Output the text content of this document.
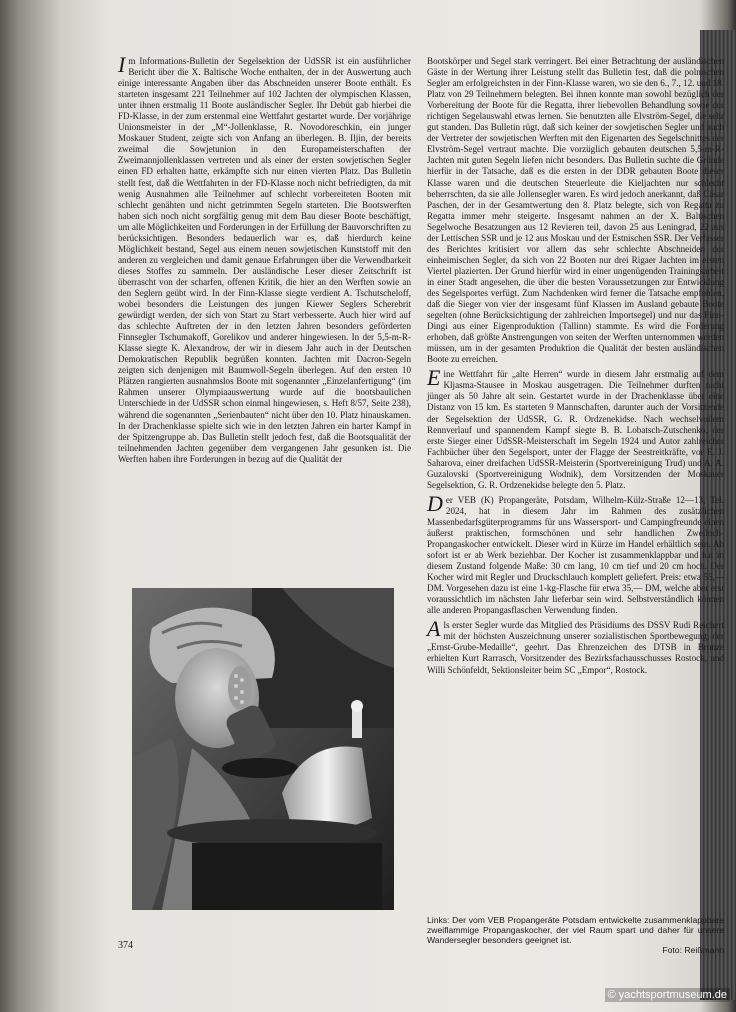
Im Informations-Bulletin der Segelsektion der UdSSR ist ein ausführlicher Bericht über die X. Baltische Woche enthalten, der in der Auswertung auch einige interessante Angaben über das Abschneiden unserer Boote enthält. Es starteten insgesamt 221 Teilnehmer auf 102 Jachten der olympischen Klassen, unter ihnen erstmalig 11 Boote ausländischer Segler. Ihr Debüt gab hierbei die FD-Klasse, in der zum erstenmal eine Wettfahrt gestartet wurde. Der vorjährige Unionsmeister in der „M“-Jollenklasse, R. Novodoreschkin, ein junger Moskauer Student, zeigte sich von Anfang an überlegen. B. Iljin, der bereits zweimal die Sowjetunion in den Europameisterschaften der Zweimannjollenklassen vertreten und als einer der ersten sowjetischen Segler einen FD erhalten hatte, erkämpfte sich nur einen vierten Platz. Das Bulletin stellt fest, daß die Wettfahrten in der FD-Klasse noch nicht befriedigten, da mit wenig Ausnahmen alle Teilnehmer auf schlecht vorbereiteten Booten mit schlecht genähten und nicht getrimmten Segeln starteten. Die Bootswerften haben sich noch nicht sorgfältig genug mit dem Bau dieser Boote beschäftigt, um alle Möglichkeiten und Forderungen in der Erfüllung der Bauvorschriften zu berücksichtigen. Besonders bedauerlich war es, daß hierdurch keine Möglichkeit bestand, Segel aus einem neuen sowjetischen Kunststoff mit den anderen zu vergleichen und damit genaue Erfahrungen über die Verwendbarkeit dieses Stoffes zu sammeln. Der ausländische Leser dieser Zeitschrift ist überrascht von der scharfen, offenen Kritik, die hier an den Werften sowie an den Seglern geübt wird. In der Finn-Klasse siegte verdient A. Tschutscheloff, wobei besonders die Leistungen des jungen Kiewer Seglers Scherebrit gewürdigt werden, der sich von Start zu Start verbesserte. Auch hier wird auf das schlechte Auftreten der in den letzten Jahren besonders geförderten Finnsegler Tschumakoff, Gorelikov und anderer hingewiesen. In der 5,5-m-R-Klasse siegte K. Alexandrow, der wir in diesem Jahr auch in der Deutschen Demokratischen Republik begrüßen konnten. Jachten mit Dacron-Segeln zeigten sich denjenigen mit Baumwoll-Segeln überlegen. Auf den ersten 10 Plätzen rangierten ausnahmslos Boote mit sogenannter „Einzelanfertigung“ (im Rahmen unserer Olympiaauswertung wurde auf die bootsbaulichen Unterschiede in der UdSSR schon einmal hingewiesen, s. Heft 8/57, Seite 238), während die sogenannten „Serienbauten“ nicht über den 10. Platz hinauskamen. In der Drachenklasse spielte sich wie in den letzten Jahren ein harter Kampf in der Spitzengruppe ab. Das Bulletin stellt jedoch fest, daß die Bootsqualität der teilnehmenden Jachten gegenüber dem vergangenen Jahr gesunken ist. Die Werften haben ihre Forderungen in bezug auf die Qualität der

374

Bootskörper und Segel stark verringert. Bei einer Betrachtung der ausländischen Gäste in der Wertung ihrer Leistung stellt das Bulletin fest, daß die polnischen Segler am erfolgreichsten in der Finn-Klasse waren, wo sie den 6., 7., 12. und 18. Platz von 29 Teilnehmern belegten. Bei ihnen konnte man sowohl bezüglich der Vorbereitung der Boote für die Regatta, ihrer liebevollen Behandlung sowie der richtigen Segelauswahl etwas lernen. Sie benutzten alle Elvström-Segel, die sehr gut standen. Das Bulletin rügt, daß sich keiner der sowjetischen Segler und auch der Vertreter der sowjetischen Werften mit den Eigenarten des Segelschnittes der Elvström-Segel vertraut machte. Die vorzüglich gebauten deutschen 5,5-m-R-Jachten mit guten Segeln liefen nicht besonders. Das Bulletin suchte die Gründe hierfür in der Tatsache, daß es die ersten in der DDR gebauten Boote dieser Klasse waren und die deutschen Steuerleute die Kieljachten nur schlecht beherrschten, da sie alle Jollensegler waren. Es wird jedoch anerkannt, daß Cäsar Paschen, der in der Gesamtwertung den 8. Platz belegte, sich von Regatta zu Regatta immer mehr steigerte. Insgesamt nahmen an der X. Baltischen Segelwoche Besatzungen aus 12 Revieren teil, davon 25 aus Leningrad, 22 aus der Lettischen SSR und je 12 aus Moskau und der Estnischen SSR. Der Verfasser des Berichtes kritisiert vor allem das sehr schlechte Abschneiden der einheimischen Segler, da sich von 22 Booten nur drei Rigaer Jachten im ersten Viertel plazierten. Der Grund hierfür wird in einer ungenügenden Trainingsarbeit in einer Stadt angesehen, die über die besten Voraussetzungen zur Entwicklung des Segelsportes verfügt. Zum Nachdenken wird ferner die Tatsache empfohlen, daß die Sieger von vier der insgesamt fünf Klassen im Ausland gebaute Boote segelten (ohne Berücksichtigung der zahlreichen Importsegel) und nur das Finn-Dingi aus einer Eigenproduktion (Tallinn) stammte. Es wird die Forderung erhoben, daß größte Anstrengungen von seiten der Werften unternommen werden müssen, um in der gesamten Produktion die Qualität der besten ausländischen Boote zu erreichen.

Eine Wettfahrt für „alte Herren“ wurde in diesem Jahr erstmalig auf dem Kljasma-Stausee in Moskau ausgetragen. Die Teilnehmer durften nicht jünger als 50 Jahre alt sein. Gestartet wurde in der Drachenklasse über eine Distanz von 15 km. Es starteten 9 Mannschaften, darunter auch der Vorsitzende der Segelsektion der UdSSR, G. R. Ordzenekidse. Nach wechselvollem Rennverlauf und spannendem Kampf siegte B. B. Lobatsch-Zutschenko, der erste Sieger einer UdSSR-Meisterschaft im Segeln 1924 und Autor zahlreicher Fachbücher über den Segelsport, unter der Flagge der Seestreitkräfte, vor E. J. Saharova, einer dreifachen UdSSR-Meisterin (Sportvereinigung Trud) und A. A. Guzalovski (Sportvereinigung Wodnik), dem Vorsitzenden der Moskauer Segelsektion, G. R. Ordzenekidse belegte den 5. Platz.

Der VEB (K) Propangeräte, Potsdam, Wilhelm-Külz-Straße 12—13, Tel. 2024, hat in diesem Jahr im Rahmen des zusätzlichen Massenbedarfsgüterprogramms für uns Wassersport- und Campingfreunde einen äußerst praktischen, formschönen und sehr handlichen Zweiloch-Propangaskocher entwickelt. Dieser wird in Kürze im Handel erhältlich sein. Ab sofort ist er ab Werk beziehbar. Der Kocher ist zusammenklappbar und hat in diesem Zustand folgende Maße: 30 cm lang, 10 cm tief und 20 cm hoch. Der Kocher wird mit Regler und Druckschlauch komplett geliefert. Preis: etwa 55,— DM. Vorgesehen dazu ist eine 1-kg-Flasche für etwa 35,— DM, welche aber erst voraussichtlich im nächsten Jahr lieferbar sein wird. Selbstverständlich können alle anderen Propangasflaschen Verwendung finden.

Als erster Segler wurde das Mitglied des Präsidiums des DSSV Rudi Reichert mit der höchsten Auszeichnung unserer sozialistischen Sportbewegung, der „Ernst-Grube-Medaille“, geehrt. Das Ehrenzeichen des DTSB in Bronze erhielten Kurt Rarrasch, Vorsitzender des Bezirksfachausschusses Rostock, und Willi Schönfeldt, Sektionsleiter beim SC „Empor“, Rostock.

Links: Der vom VEB Propangeräte Potsdam entwickelte zusammenklappbare zweiflammige Propangaskocher, der viel Raum spart und daher für unsere Wandersegler besonders geeignet ist.
Foto: Reißmann
© yachtsportmuseum.de
